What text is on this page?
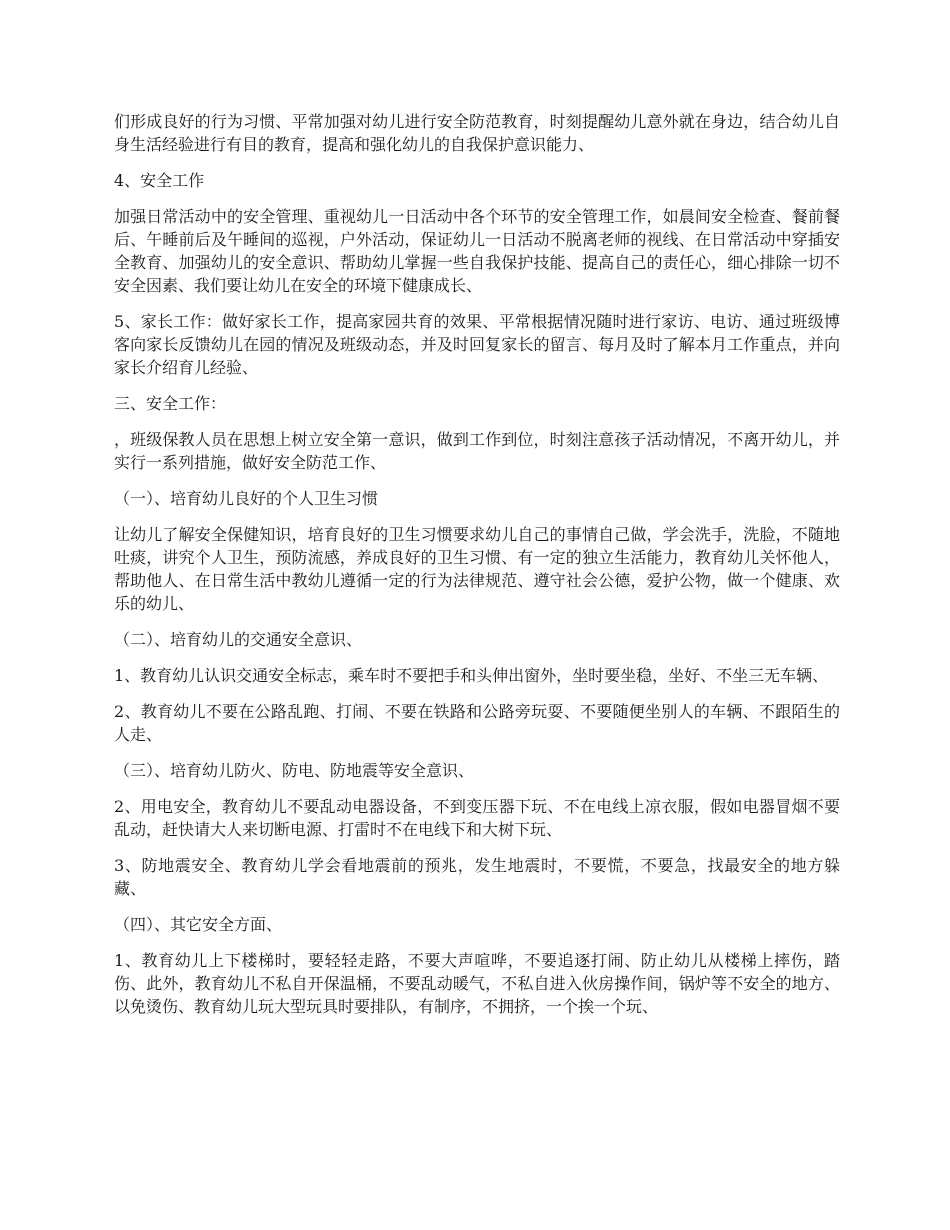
们形成良好的行为习惯、平常加强对幼儿进行安全防范教育，时刻提醒幼儿意外就在身边，结合幼儿自身生活经验进行有目的教育，提高和强化幼儿的自我保护意识能力、

4、安全工作

加强日常活动中的安全管理、重视幼儿一日活动中各个环节的安全管理工作，如晨间安全检查、餐前餐后、午睡前后及午睡间的巡视，户外活动，保证幼儿一日活动不脱离老师的视线、在日常活动中穿插安全教育、加强幼儿的安全意识、帮助幼儿掌握一些自我保护技能、提高自己的责任心，细心排除一切不安全因素、我们要让幼儿在安全的环境下健康成长、

5、家长工作：做好家长工作，提高家园共育的效果、平常根据情况随时进行家访、电访、通过班级博客向家长反馈幼儿在园的情况及班级动态，并及时回复家长的留言、每月及时了解本月工作重点，并向家长介绍育儿经验、

三、安全工作：

，班级保教人员在思想上树立安全第一意识，做到工作到位，时刻注意孩子活动情况，不离开幼儿，并实行一系列措施，做好安全防范工作、

（一）、培育幼儿良好的个人卫生习惯

让幼儿了解安全保健知识，培育良好的卫生习惯要求幼儿自己的事情自己做，学会洗手，洗脸，不随地吐痰，讲究个人卫生，预防流感，养成良好的卫生习惯、有一定的独立生活能力，教育幼儿关怀他人，帮助他人、在日常生活中教幼儿遵循一定的行为法律规范、遵守社会公德，爱护公物，做一个健康、欢乐的幼儿、

（二）、培育幼儿的交通安全意识、

1、教育幼儿认识交通安全标志，乘车时不要把手和头伸出窗外，坐时要坐稳，坐好、不坐三无车辆、

2、教育幼儿不要在公路乱跑、打闹、不要在铁路和公路旁玩耍、不要随便坐别人的车辆、不跟陌生的人走、

（三）、培育幼儿防火、防电、防地震等安全意识、

2、用电安全，教育幼儿不要乱动电器设备，不到变压器下玩、不在电线上凉衣服，假如电器冒烟不要乱动，赶快请大人来切断电源、打雷时不在电线下和大树下玩、

3、防地震安全、教育幼儿学会看地震前的预兆，发生地震时，不要慌，不要急，找最安全的地方躲藏、

（四）、其它安全方面、

1、教育幼儿上下楼梯时，要轻轻走路，不要大声喧哗，不要追逐打闹、防止幼儿从楼梯上摔伤，踏伤、此外，教育幼儿不私自开保温桶，不要乱动暖气，不私自进入伙房操作间，锅炉等不安全的地方、以免烫伤、教育幼儿玩大型玩具时要排队，有制序，不拥挤，一个挨一个玩、
